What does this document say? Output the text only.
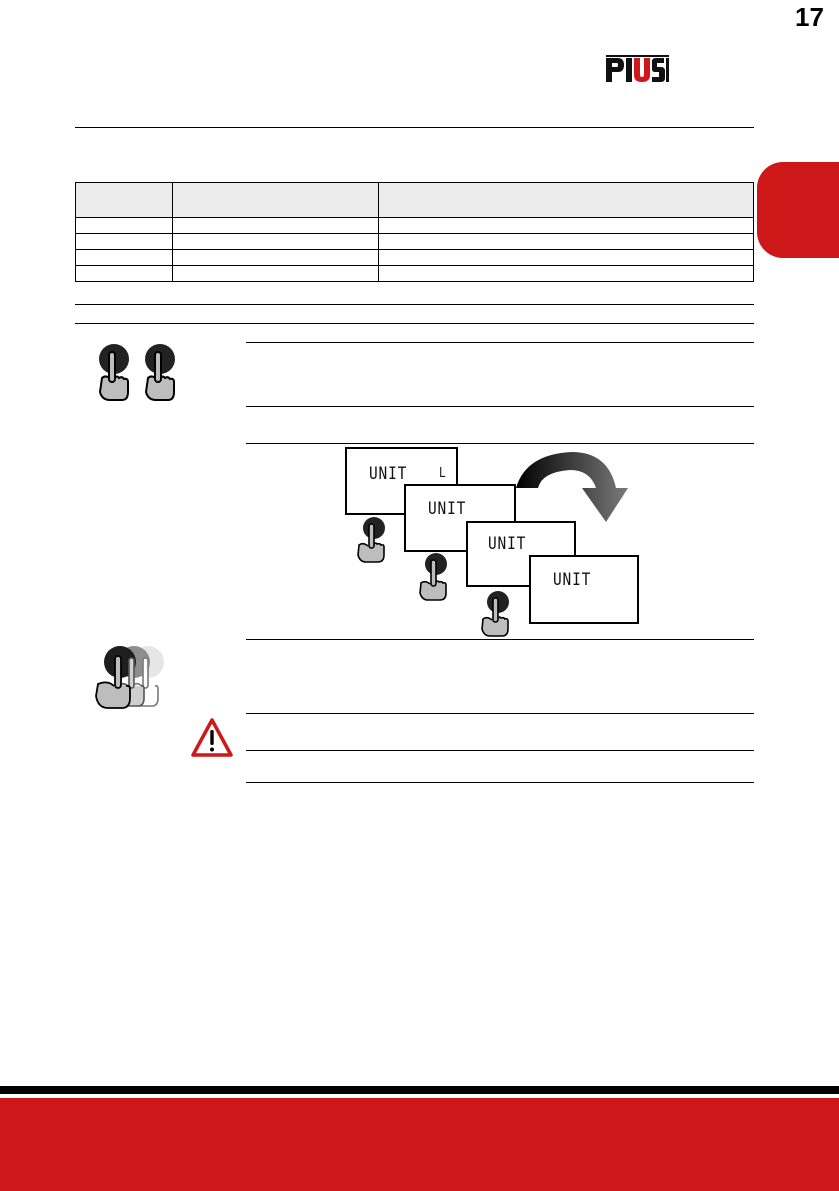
17

UNIT L
UNIT
UNIT
UNIT
